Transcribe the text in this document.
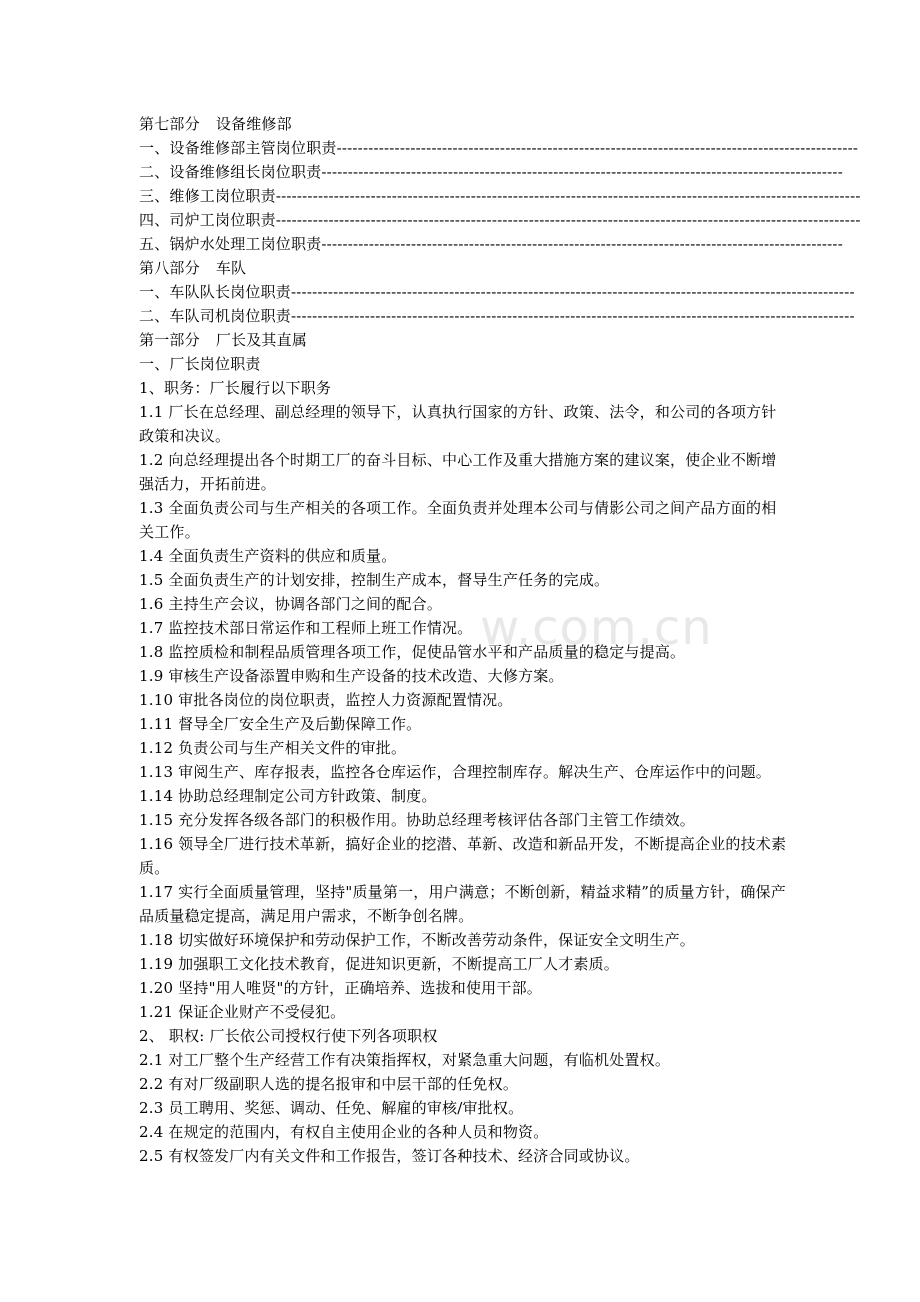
w.com.cn

第七部分 设备维修部

一、设备维修部主管岗位职责 ---------------------------------------------------------------------------------------------------

二、设备维修组长岗位职责 ---------------------------------------------------------------------------------------------------

三、维修工岗位职责 ---------------------------------------------------------------------------------------------------------------

四、司炉工岗位职责 ---------------------------------------------------------------------------------------------------------------

五、锅炉水处理工岗位职责 ---------------------------------------------------------------------------------------------------

第八部分 车队

一、车队队长岗位职责 -----------------------------------------------------------------------------------------------------------

二、车队司机岗位职责 -----------------------------------------------------------------------------------------------------------

第一部分 厂长及其直属

一、厂长岗位职责

1、职务：厂长履行以下职务

1.1 厂长在总经理、副总经理的领导下，认真执行国家的方针、政策、法令，和公司的各项方针政策和决议。

1.2 向总经理提出各个时期工厂的奋斗目标、中心工作及重大措施方案的建议案，使企业不断增强活力，开拓前进。

1.3 全面负责公司与生产相关的各项工作。全面负责并处理本公司与倩影公司之间产品方面的相关工作。

1.4 全面负责生产资料的供应和质量。

1.5 全面负责生产的计划安排，控制生产成本，督导生产任务的完成。

1.6 主持生产会议，协调各部门之间的配合。

1.7 监控技术部日常运作和工程师上班工作情况。

1.8 监控质检和制程品质管理各项工作，促使品管水平和产品质量的稳定与提高。

1.9 审核生产设备添置申购和生产设备的技术改造、大修方案。

1.10 审批各岗位的岗位职责，监控人力资源配置情况。

1.11 督导全厂安全生产及后勤保障工作。

1.12 负责公司与生产相关文件的审批。

1.13 审阅生产、库存报表，监控各仓库运作，合理控制库存。解决生产、仓库运作中的问题。

1.14 协助总经理制定公司方针政策、制度。

1.15 充分发挥各级各部门的积极作用。协助总经理考核评估各部门主管工作绩效。

1.16 领导全厂进行技术革新，搞好企业的挖潜、革新、改造和新品开发，不断提高企业的技术素质。

1.17 实行全面质量管理，坚持"质量第一，用户满意；不断创新，精益求精”的质量方针，确保产品质量稳定提高，满足用户需求，不断争创名牌。

1.18 切实做好环境保护和劳动保护工作，不断改善劳动条件，保证安全文明生产。

1.19 加强职工文化技术教育，促进知识更新，不断提高工厂人才素质。

1.20 坚持"用人唯贤"的方针，正确培养、选拔和使用干部。

1.21 保证企业财产不受侵犯。

2、 职权: 厂长依公司授权行使下列各项职权

2.1 对工厂整个生产经营工作有决策指挥权，对紧急重大问题，有临机处置权。

2.2 有对厂级副职人选的提名报审和中层干部的任免权。

2.3 员工聘用、奖惩、调动、任免、解雇的审核/审批权。

2.4 在规定的范围内，有权自主使用企业的各种人员和物资。

2.5 有权签发厂内有关文件和工作报告，签订各种技术、经济合同或协议。
